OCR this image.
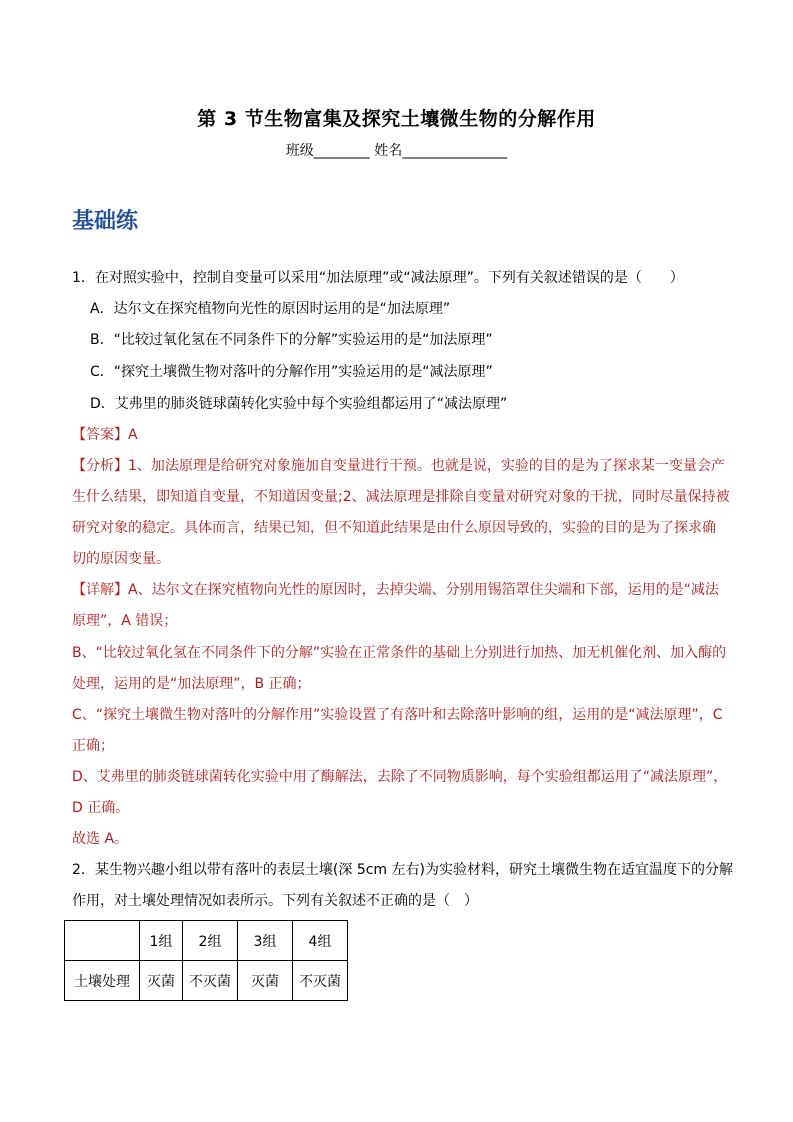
第 3 节生物富集及探究土壤微生物的分解作用
班级________ 姓名_______________
基础练
1．在对照实验中，控制自变量可以采用“加法原理”或“减法原理”。下列有关叙述错误的是（　　）
A．达尔文在探究植物向光性的原因时运用的是“加法原理”
B．“比较过氧化氢在不同条件下的分解”实验运用的是“加法原理”
C．“探究土壤微生物对落叶的分解作用”实验运用的是“减法原理”
D．艾弗里的肺炎链球菌转化实验中每个实验组都运用了“减法原理”
【答案】A
【分析】1、加法原理是给研究对象施加自变量进行干预。也就是说，实验的目的是为了探求某一变量会产
生什么结果，即知道自变量，不知道因变量;2、减法原理是排除自变量对研究对象的干扰，同时尽量保持被
研究对象的稳定。具体而言，结果已知，但不知道此结果是由什么原因导致的，实验的目的是为了探求确
切的原因变量。
【详解】A、达尔文在探究植物向光性的原因时，去掉尖端、分别用锡箔罩住尖端和下部，运用的是“减法
原理”，A 错误；
B、“比较过氧化氢在不同条件下的分解”实验在正常条件的基础上分别进行加热、加无机催化剂、加入酶的
处理，运用的是“加法原理”，B 正确；
C、“探究土壤微生物对落叶的分解作用”实验设置了有落叶和去除落叶影响的组，运用的是“减法原理”，C
正确；
D、艾弗里的肺炎链球菌转化实验中用了酶解法，去除了不同物质影响，每个实验组都运用了“减法原理”，
D 正确。
故选 A。
2．某生物兴趣小组以带有落叶的表层土壤(深 5cm 左右)为实验材料，研究土壤微生物在适宜温度下的分解
作用，对土壤处理情况如表所示。下列有关叙述不正确的是（　）
	1组	2组	3组	4组
土壤处理	灭菌	不灭菌	灭菌	不灭菌
